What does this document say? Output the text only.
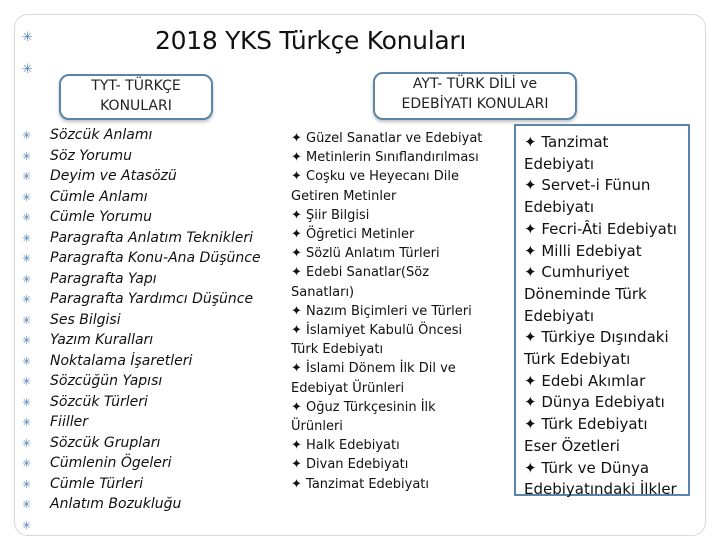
✳
✳
2018 YKS Türkçe Konuları
TYT- TÜRKÇE
KONULARI
AYT- TÜRK DİLİ ve
EDEBİYATI KONULARI
✳ Sözcük Anlamı
✳ Söz Yorumu
✳ Deyim ve Atasözü
✳ Cümle Anlamı
✳ Cümle Yorumu
✳ Paragrafta Anlatım Teknikleri
✳ Paragrafta Konu-Ana Düşünce
✳ Paragrafta Yapı
✳ Paragrafta Yardımcı Düşünce
✳ Ses Bilgisi
✳ Yazım Kuralları
✳ Noktalama İşaretleri
✳ Sözcüğün Yapısı
✳ Sözcük Türleri
✳ Fiiller
✳ Sözcük Grupları
✳ Cümlenin Ögeleri
✳ Cümle Türleri
✳ Anlatım Bozukluğu
✳
✦ Güzel Sanatlar ve Edebiyat
✦ Metinlerin Sınıflandırılması
✦ Coşku ve Heyecanı Dile
Getiren Metinler
✦ Şiir Bilgisi
✦ Öğretici Metinler
✦ Sözlü Anlatım Türleri
✦ Edebi Sanatlar(Söz
Sanatları)
✦ Nazım Biçimleri ve Türleri
✦ İslamiyet Kabulü Öncesi
Türk Edebiyatı
✦ İslami Dönem İlk Dil ve
Edebiyat Ürünleri
✦ Oğuz Türkçesinin İlk
Ürünleri
✦ Halk Edebiyatı
✦ Divan Edebiyatı
✦ Tanzimat Edebiyatı
✦ Tanzimat
Edebiyatı
✦ Servet-i Fünun
Edebiyatı
✦ Fecri-Âti Edebiyatı
✦ Milli Edebiyat
✦ Cumhuriyet
Döneminde Türk
Edebiyatı
✦ Türkiye Dışındaki
Türk Edebiyatı
✦ Edebi Akımlar
✦ Dünya Edebiyatı
✦ Türk Edebiyatı
Eser Özetleri
✦ Türk ve Dünya
Edebiyatındaki İlkler
